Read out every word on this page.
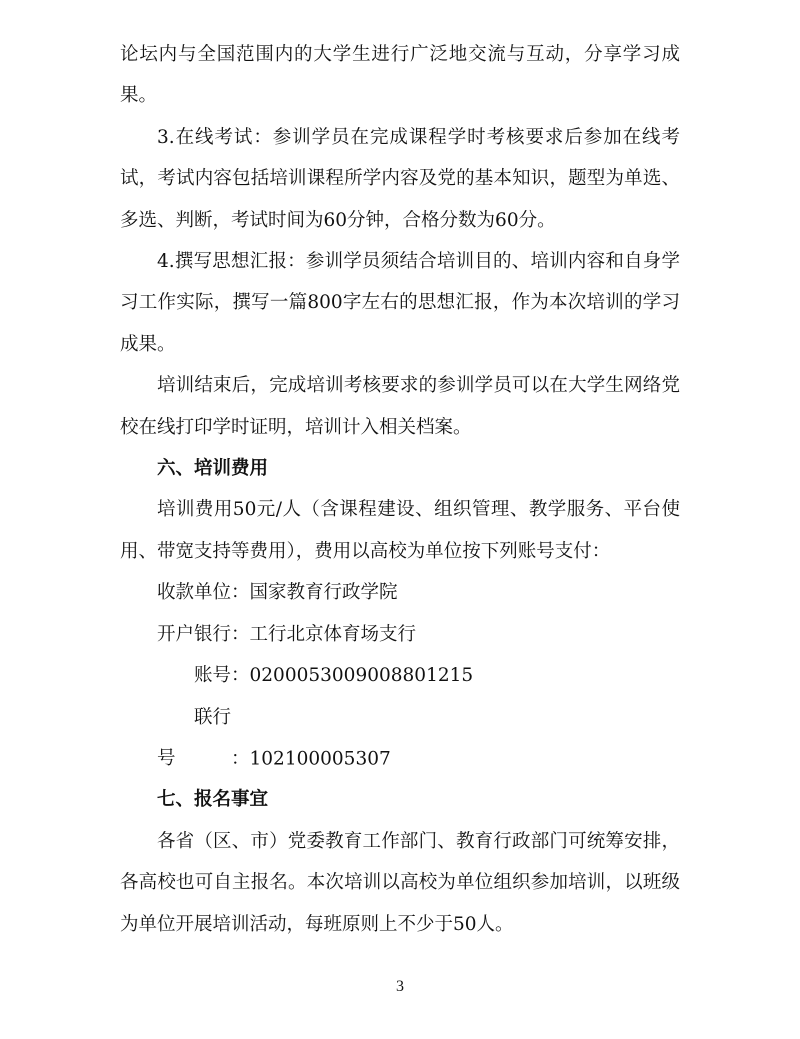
论坛内与全国范围内的大学生进行广泛地交流与互动，分享学习成果。

3.在线考试：参训学员在完成课程学时考核要求后参加在线考试，考试内容包括培训课程所学内容及党的基本知识，题型为单选、多选、判断，考试时间为60分钟，合格分数为60分。

4.撰写思想汇报：参训学员须结合培训目的、培训内容和自身学习工作实际，撰写一篇800字左右的思想汇报，作为本次培训的学习成果。

培训结束后，完成培训考核要求的参训学员可以在大学生网络党校在线打印学时证明，培训计入相关档案。

六、培训费用

培训费用50元/人（含课程建设、组织管理、教学服务、平台使用、带宽支持等费用），费用以高校为单位按下列账号支付：

收款单位：国家教育行政学院

开户银行：工行北京体育场支行

账号：0200053009008801215

联行号	：102100005307

七、报名事宜

各省（区、市）党委教育工作部门、教育行政部门可统筹安排，各高校也可自主报名。本次培训以高校为单位组织参加培训，以班级为单位开展培训活动，每班原则上不少于50人。

3
